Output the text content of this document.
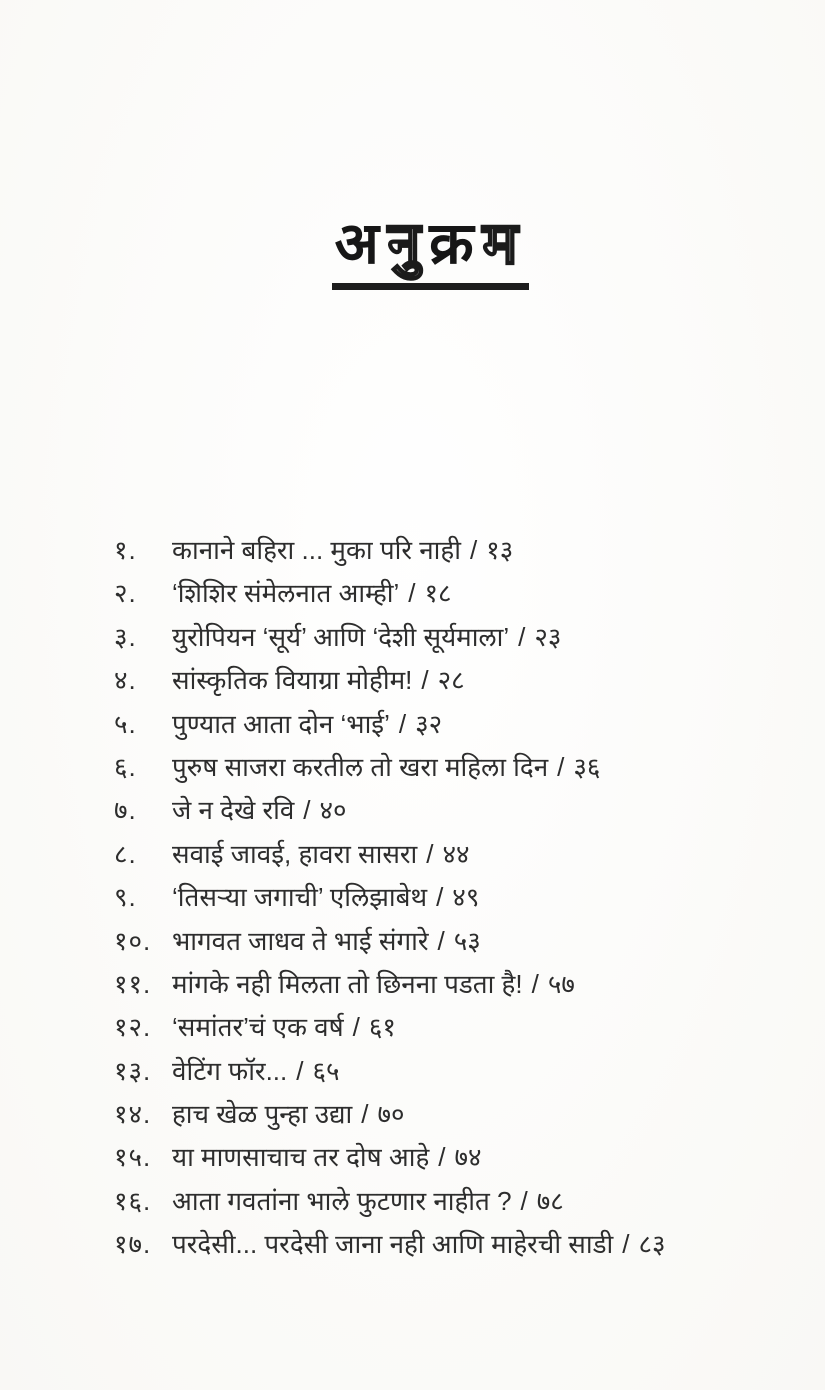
अनुक्रम
१.	कानाने बहिरा ... मुका परि नाही / १३
२.	‘शिशिर संमेलनात आम्ही’ / १८
३.	युरोपियन ‘सूर्य’ आणि ‘देशी सूर्यमाला’ / २३
४.	सांस्कृतिक वियाग्रा मोहीम! / २८
५.	पुण्यात आता दोन ‘भाई’ / ३२
६.	पुरुष साजरा करतील तो खरा महिला दिन / ३६
७.	जे न देखे रवि / ४०
८.	सवाई जावई, हावरा सासरा / ४४
९.	‘तिसऱ्या जगाची’ एलिझाबेथ / ४९
१०. भागवत जाधव ते भाई संगारे / ५३
११. मांगके नही मिलता तो छिनना पडता है! / ५७
१२. ‘समांतर’चं एक वर्ष / ६१
१३. वेटिंग फॉर... / ६५
१४. हाच खेळ पुन्हा उद्या / ७०
१५. या माणसाचाच तर दोष आहे / ७४
१६. आता गवतांना भाले फुटणार नाहीत ? / ७८
१७. परदेसी... परदेसी जाना नही आणि माहेरची साडी / ८३
